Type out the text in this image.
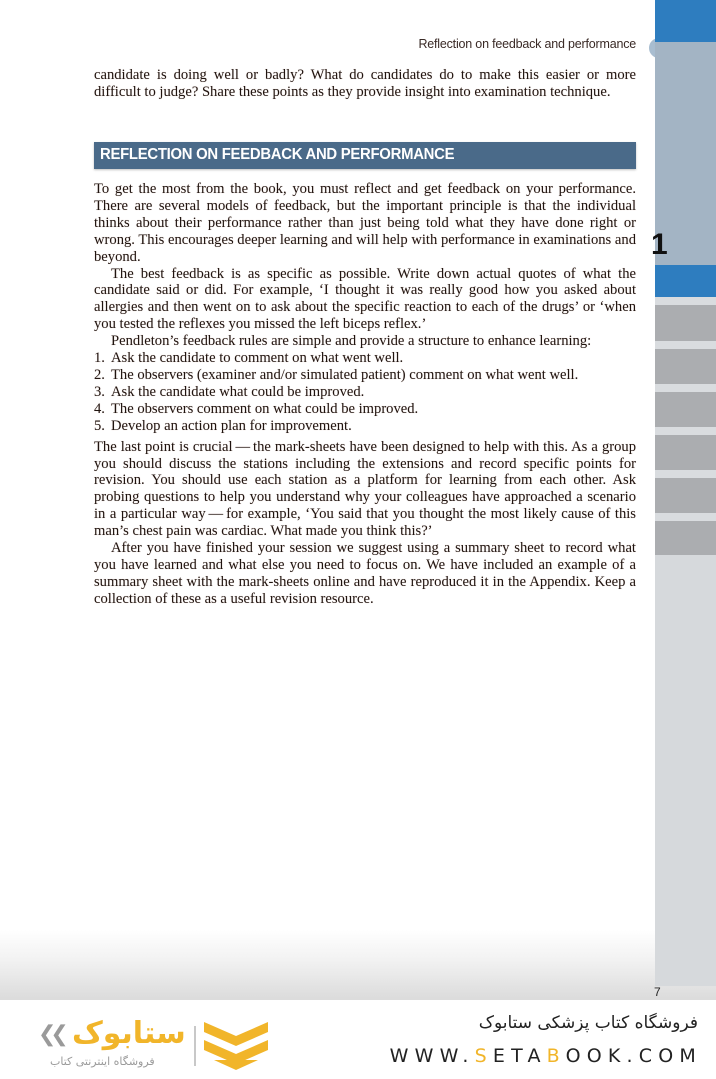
Reflection on feedback and performance

candidate is doing well or badly? What do candidates do to make this easier or more difficult to judge? Share these points as they provide insight into examination technique.

REFLECTION ON FEEDBACK AND PERFORMANCE

To get the most from the book, you must reflect and get feedback on your performance. There are several models of feedback, but the important principle is that the individual thinks about their performance rather than just being told what they have done right or wrong. This encourages deeper learning and will help with performance in examinations and beyond.

The best feedback is as specific as possible. Write down actual quotes of what the candidate said or did. For example, ‘I thought it was really good how you asked about allergies and then went on to ask about the specific reaction to each of the drugs’ or ‘when you tested the reflexes you missed the left biceps reflex.’

Pendleton’s feedback rules are simple and provide a structure to enhance learning:

1. Ask the candidate to comment on what went well.
2. The observers (examiner and/or simulated patient) comment on what went well.
3. Ask the candidate what could be improved.
4. The observers comment on what could be improved.
5. Develop an action plan for improvement.

The last point is crucial — the mark-sheets have been designed to help with this. As a group you should discuss the stations including the extensions and record specific points for revision. You should use each station as a platform for learning from each other. Ask probing questions to help you understand why your colleagues have approached a scenario in a particular way — for example, ‘You said that you thought the most likely cause of this man’s chest pain was cardiac. What made you think this?’

After you have finished your session we suggest using a summary sheet to record what you have learned and what else you need to focus on. We have included an example of a summary sheet with the mark-sheets online and have reproduced it in the Appendix. Keep a collection of these as a useful revision resource.

1
7
❮❮ ستابوک
فروشگاه اینترنتی کتاب
فروشگاه کتاب پزشکی ستابوک
WWW.SETABOOK.COM
